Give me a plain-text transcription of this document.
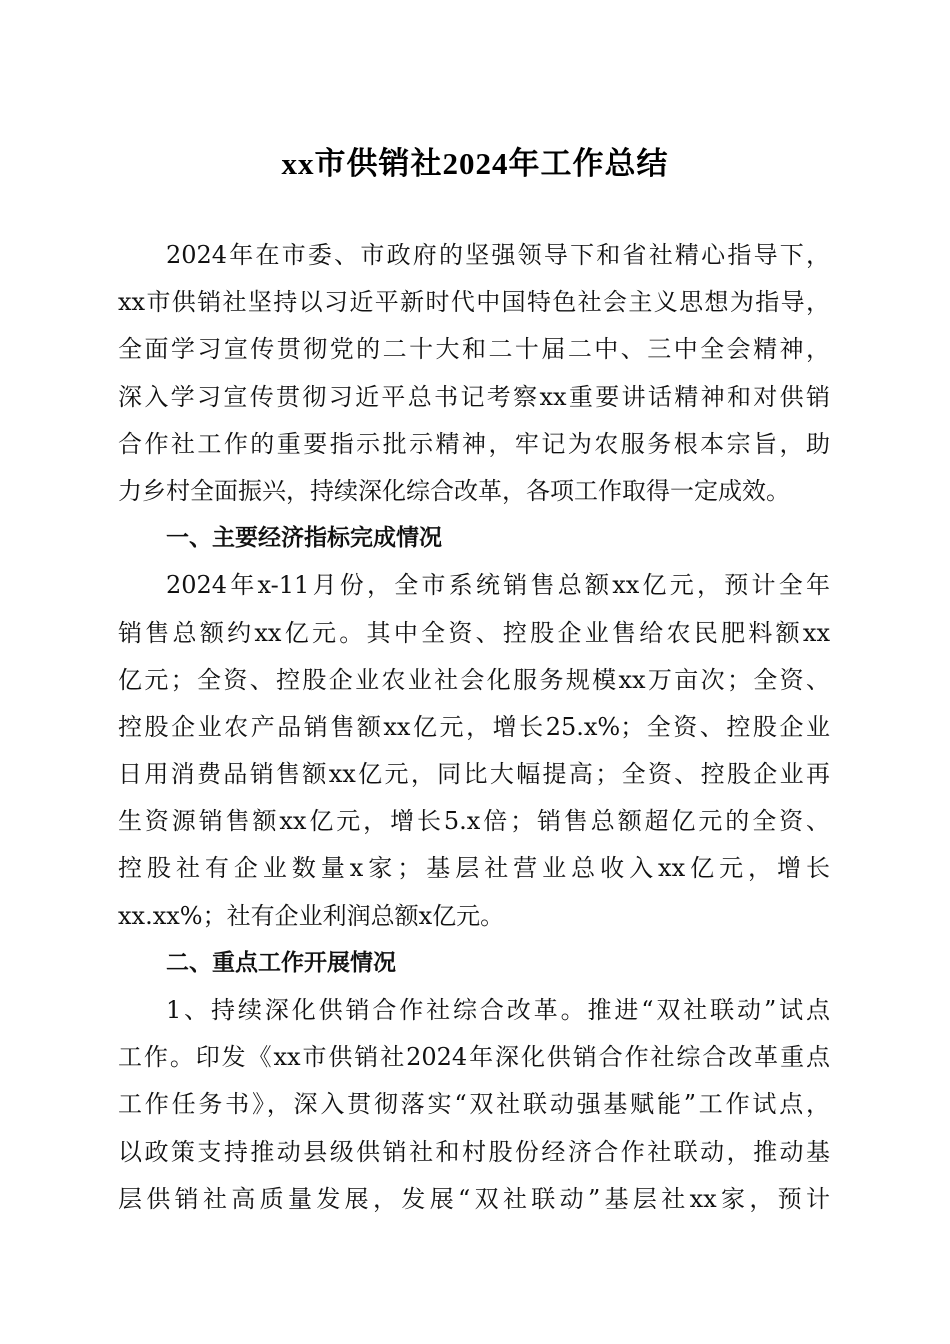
xx市供销社2024年工作总结
2024年在市委、市政府的坚强领导下和省社精心指导下，
xx市供销社坚持以习近平新时代中国特色社会主义思想为指导，
全面学习宣传贯彻党的二十大和二十届二中、三中全会精神，
深入学习宣传贯彻习近平总书记考察xx重要讲话精神和对供销
合作社工作的重要指示批示精神，牢记为农服务根本宗旨，助
力乡村全面振兴，持续深化综合改革，各项工作取得一定成效。
一、主要经济指标完成情况
2024年x-11月份，全市系统销售总额xx亿元，预计全年
销售总额约xx亿元。其中全资、控股企业售给农民肥料额xx
亿元；全资、控股企业农业社会化服务规模xx万亩次；全资、
控股企业农产品销售额xx亿元，增长25.x%；全资、控股企业
日用消费品销售额xx亿元，同比大幅提高；全资、控股企业再
生资源销售额xx亿元，增长5.x倍；销售总额超亿元的全资、
控股社有企业数量x家；基层社营业总收入xx亿元，增长
xx.xx%；社有企业利润总额x亿元。
二、重点工作开展情况
1、持续深化供销合作社综合改革。推进“双社联动”试点
工作。印发《xx市供销社2024年深化供销合作社综合改革重点
工作任务书》，深入贯彻落实“双社联动强基赋能”工作试点，
以政策支持推动县级供销社和村股份经济合作社联动，推动基
层供销社高质量发展，发展“双社联动”基层社xx家，预计
